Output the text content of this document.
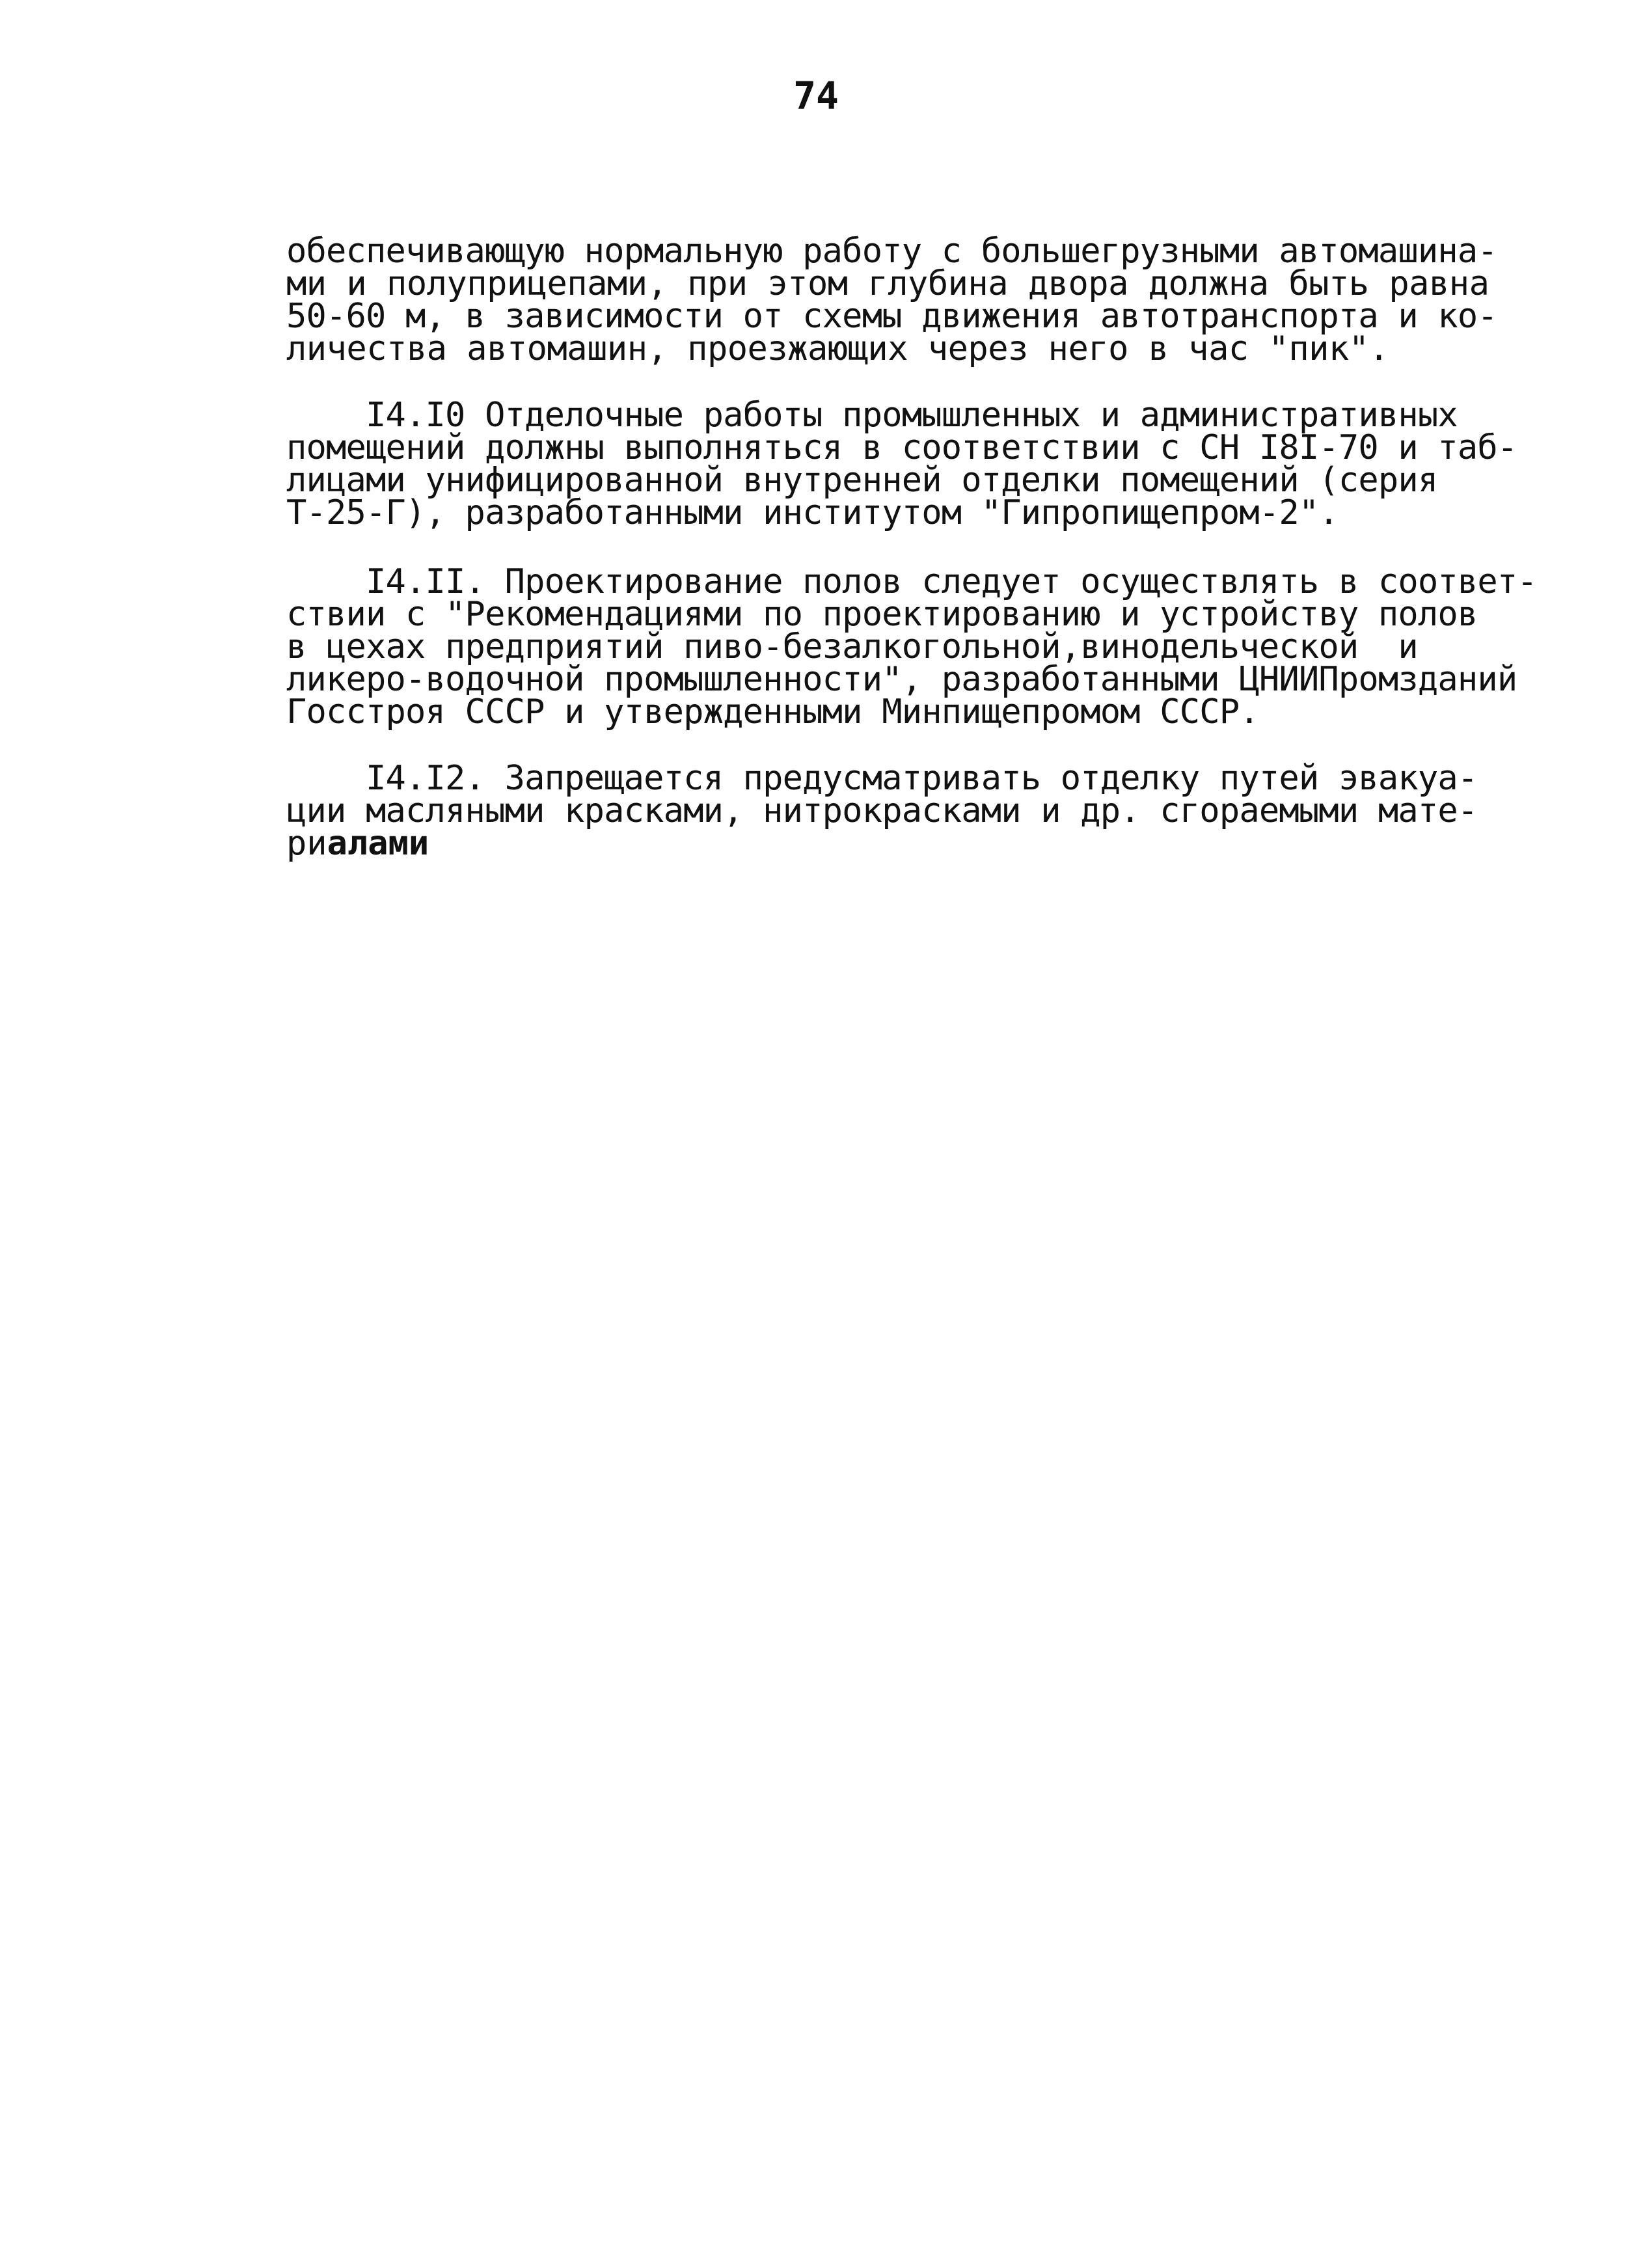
74

обеспечивающую нормальную работу с большегрузными автомашина-

ми и полуприцепами, при этом глубина двора должна быть равна

50-60 м, в зависимости от схемы движения автотранспорта и ко-

личества автомашин, проезжающих через него в час "пик".

I4.I0 Отделочные работы промышленных и административных

помещений должны выполняться в соответствии с СН I8I-70 и таб-

лицами унифицированной внутренней отделки помещений (серия

Т-25-Г), разработанными институтом "Гипропищепром-2".

I4.II. Проектирование полов следует осуществлять в соответ-

ствии с "Рекомендациями по проектированию и устройству полов

в цехах предприятий пиво-безалкогольной,винодельческой  и

ликеро-водочной промышленности", разработанными ЦНИИПромзданий

Госстроя СССР и утвержденными Минпищепромом СССР.

I4.I2. Запрещается предусматривать отделку путей эвакуа-

ции масляными красками, нитрокрасками и др. сгораемыми мате-

риалами
